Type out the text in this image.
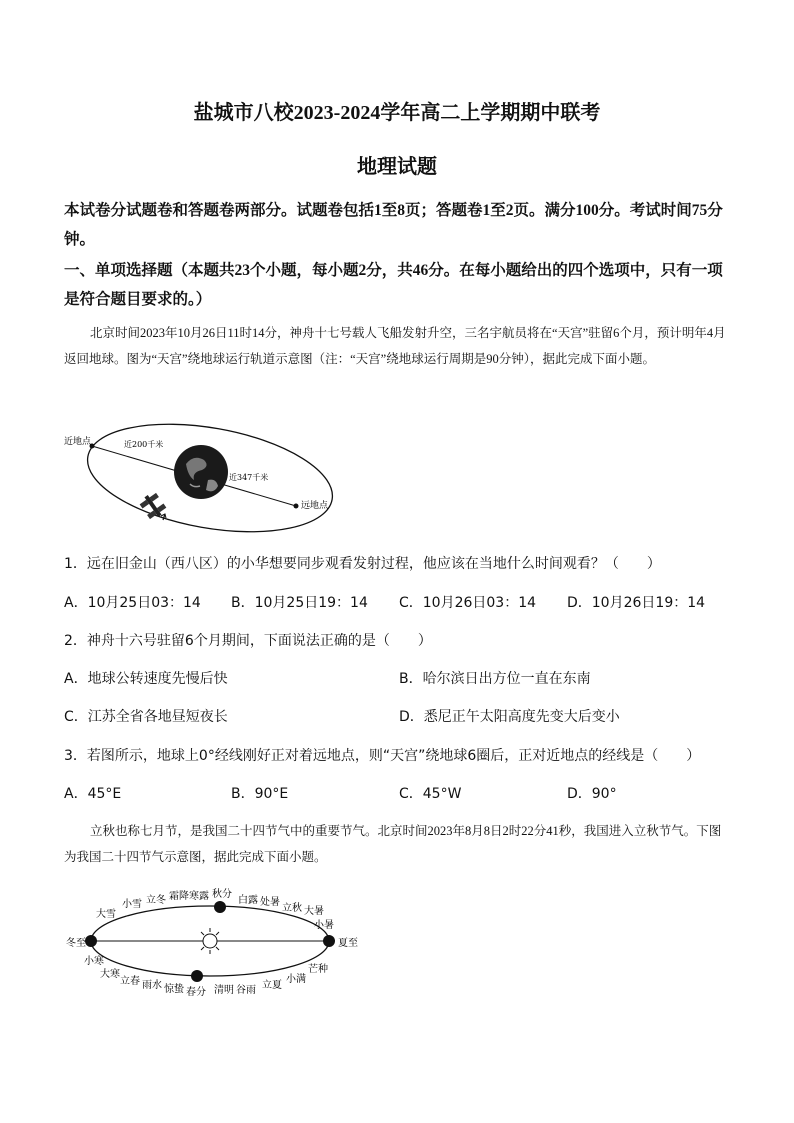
盐城市八校2023-2024学年高二上学期期中联考
地理试题
本试卷分试题卷和答题卷两部分。试题卷包括1至8页；答题卷1至2页。满分100分。考试时间75分钟。
一、单项选择题（本题共23个小题，每小题2分，共46分。在每小题给出的四个选项中，只有一项是符合题目要求的。）
北京时间2023年10月26日11时14分，神舟十七号载人飞船发射升空，三名宇航员将在“天宫”驻留6个月，预计明年4月返回地球。图为“天宫”绕地球运行轨道示意图（注：“天宫”绕地球运行周期是90分钟），据此完成下面小题。
近地点
远地点
近200千米
近347千米
1．远在旧金山（西八区）的小华想要同步观看发射过程，他应该在当地什么时间观看？（　　）
A．10月25日03：14 B．10月25日19：14 C．10月26日03：14 D．10月26日19：14
2．神舟十六号驻留6个月期间，下面说法正确的是（　　）
A．地球公转速度先慢后快	B．哈尔滨日出方位一直在东南
C．江苏全省各地昼短夜长	D．悉尼正午太阳高度先变大后变小
3．若图所示，地球上0°经线刚好正对着远地点，则“天宫”绕地球6圈后，正对近地点的经线是（　　）
A．45°E	B．90°E	C．45°W	D．90°
立秋也称七月节，是我国二十四节气中的重要节气。北京时间2023年8月8日2时22分41秒，我国进入立秋节气。下图为我国二十四节气示意图，据此完成下面小题。
冬至	夏至
秋分
春分
大雪
小雪 立冬 霜降 寒露	白露 处暑
立秋 大暑
小暑
小寒
大寒
立春 雨水 惊蛰	清明 谷雨 立夏
小满
芒种
